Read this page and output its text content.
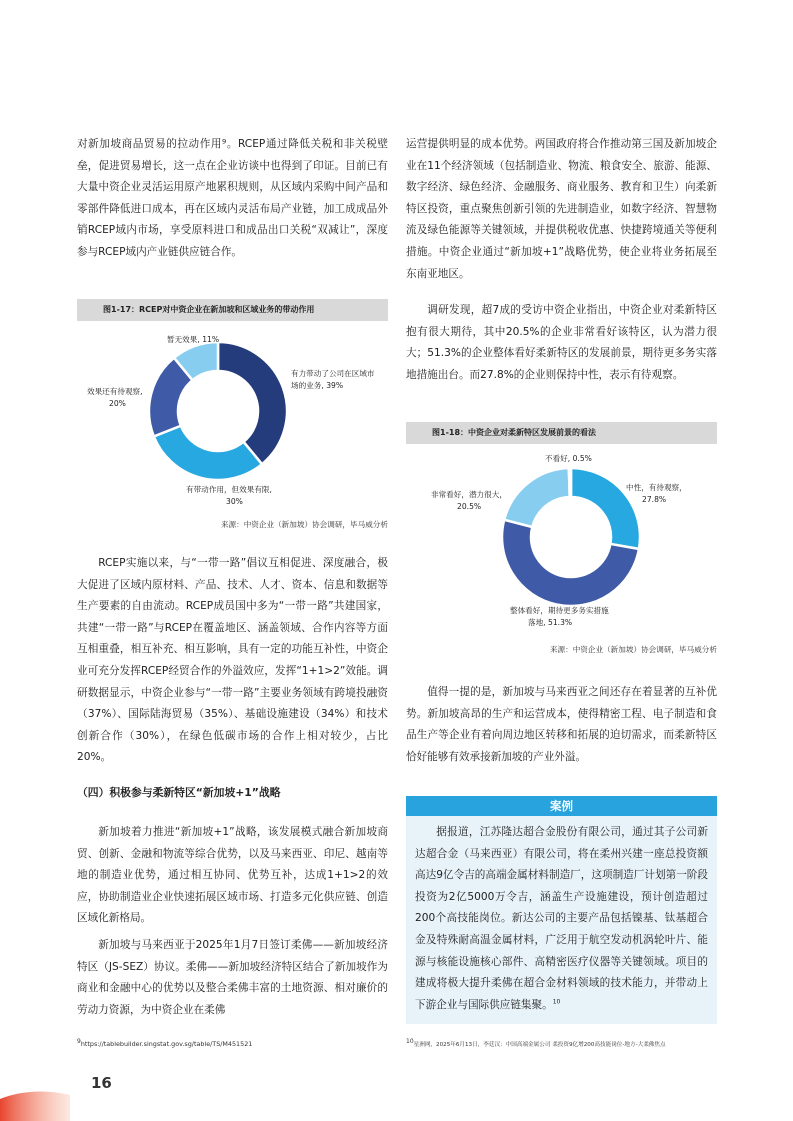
对新加坡商品贸易的拉动作用⁹。RCEP通过降低关税和非关税壁垒，促进贸易增长，这一点在企业访谈中也得到了印证。目前已有大量中资企业灵活运用原产地累积规则，从区域内采购中间产品和零部件降低进口成本，再在区域内灵活布局产业链，加工成成品外销RCEP域内市场，享受原料进口和成品出口关税“双减让”，深度参与RCEP域内产业链供应链合作。

图1-17：RCEP对中资企业在新加坡和区域业务的带动作用
有力带动了公司在区域市
场的业务, 39%
有带动作用，但效果有限,
30%
效果还有待观察,
20%
暂无效果, 11%
来源：中资企业（新加坡）协会调研，毕马威分析

RCEP实施以来，与“一带一路”倡议互相促进、深度融合，极大促进了区域内原材料、产品、技术、人才、资本、信息和数据等生产要素的自由流动。RCEP成员国中多为“一带一路”共建国家，共建“一带一路”与RCEP在覆盖地区、涵盖领域、合作内容等方面互相重叠，相互补充、相互影响，具有一定的功能互补性，中资企业可充分发挥RCEP经贸合作的外溢效应，发挥“1+1>2”效能。调研数据显示，中资企业参与“一带一路”主要业务领域有跨境投融资（37%）、国际陆海贸易（35%）、基础设施建设（34%）和技术创新合作（30%），在绿色低碳市场的合作上相对较少，占比20%。

（四）积极参与柔新特区“新加坡+1”战略

新加坡着力推进“新加坡+1”战略，该发展模式融合新加坡商贸、创新、金融和物流等综合优势，以及马来西亚、印尼、越南等地的制造业优势，通过相互协同、优势互补，达成1+1>2的效应，协助制造业企业快速拓展区域市场、打造多元化供应链、创造区域化新格局。

新加坡与马来西亚于2025年1月7日签订柔佛——新加坡经济特区（JS-SEZ）协议。柔佛——新加坡经济特区结合了新加坡作为商业和金融中心的优势以及整合柔佛丰富的土地资源、相对廉价的劳动力资源，为中资企业在柔佛

9https://tablebuilder.singstat.gov.sg/table/TS/M451521

运营提供明显的成本优势。两国政府将合作推动第三国及新加坡企业在11个经济领域（包括制造业、物流、粮食安全、旅游、能源、数字经济、绿色经济、金融服务、商业服务、教育和卫生）向柔新特区投资，重点聚焦创新引领的先进制造业，如数字经济、智慧物流及绿色能源等关键领域，并提供税收优惠、快捷跨境通关等便利措施。中资企业通过“新加坡+1”战略优势，使企业将业务拓展至东南亚地区。

调研发现，超7成的受访中资企业指出，中资企业对柔新特区抱有很大期待，其中20.5%的企业非常看好该特区，认为潜力很大；51.3%的企业整体看好柔新特区的发展前景，期待更多务实落地措施出台。而27.8%的企业则保持中性，表示有待观察。

图1-18：中资企业对柔新特区发展前景的看法
中性，有待观察，
27.8%
整体看好，期待更多务实措施
落地, 51.3%
非常看好，潜力很大，
20.5%
不看好, 0.5%
来源：中资企业（新加坡）协会调研，毕马威分析

值得一提的是，新加坡与马来西亚之间还存在着显著的互补优势。新加坡高昂的生产和运营成本，使得精密工程、电子制造和食品生产等企业有着向周边地区转移和拓展的迫切需求，而柔新特区恰好能够有效承接新加坡的产业外溢。

案例
据报道，江苏隆达超合金股份有限公司，通过其子公司新达超合金（马来西亚）有限公司，将在柔州兴建一座总投资额高达9亿令吉的高端金属材料制造厂，这项制造厂计划第一阶段投资为2亿5000万令吉，涵盖生产设施建设，预计创造超过200个高技能岗位。新达公司的主要产品包括镍基、钛基超合金及特殊耐高温金属材料，广泛用于航空发动机涡轮叶片、能源与核能设施核心部件、高精密医疗仪器等关键领域。项目的建成将极大提升柔佛在超合金材料领域的技术能力，并带动上下游企业与国际供应链集聚。$^{10}$
10星洲网，2025年6月13日，李廷汉：中国高端金属公司 柔投资9亿增200高技能岗位-地方-大柔佛焦点
16
